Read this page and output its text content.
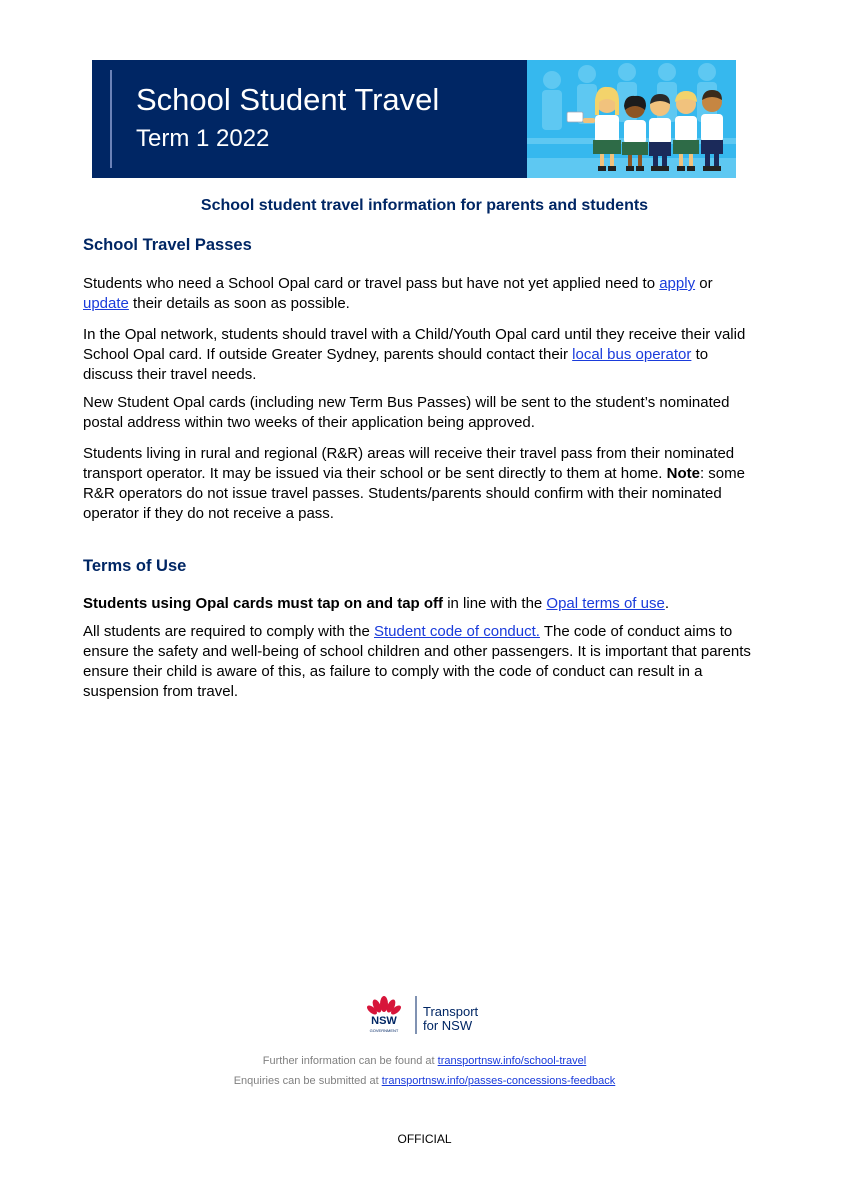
School Student Travel
Term 1 2022
School student travel information for parents and students
School Travel Passes

Students who need a School Opal card or travel pass but have not yet applied need to apply or update their details as soon as possible.

In the Opal network, students should travel with a Child/Youth Opal card until they receive their valid School Opal card. If outside Greater Sydney, parents should contact their local bus operator to discuss their travel needs.

New Student Opal cards (including new Term Bus Passes) will be sent to the student’s nominated postal address within two weeks of their application being approved.

Students living in rural and regional (R&R) areas will receive their travel pass from their nominated transport operator. It may be issued via their school or be sent directly to them at home. Note: some R&R operators do not issue travel passes. Students/parents should confirm with their nominated operator if they do not receive a pass.

Terms of Use

Students using Opal cards must tap on and tap off in line with the Opal terms of use.

All students are required to comply with the Student code of conduct. The code of conduct aims to ensure the safety and well-being of school children and other passengers. It is important that parents ensure their child is aware of this, as failure to comply with the code of conduct can result in a suspension from travel.

NSW
GOVERNMENT
Transport
for NSW
Further information can be found at transportnsw.info/school-travel
Enquiries can be submitted at transportnsw.info/passes-concessions-feedback
OFFICIAL
